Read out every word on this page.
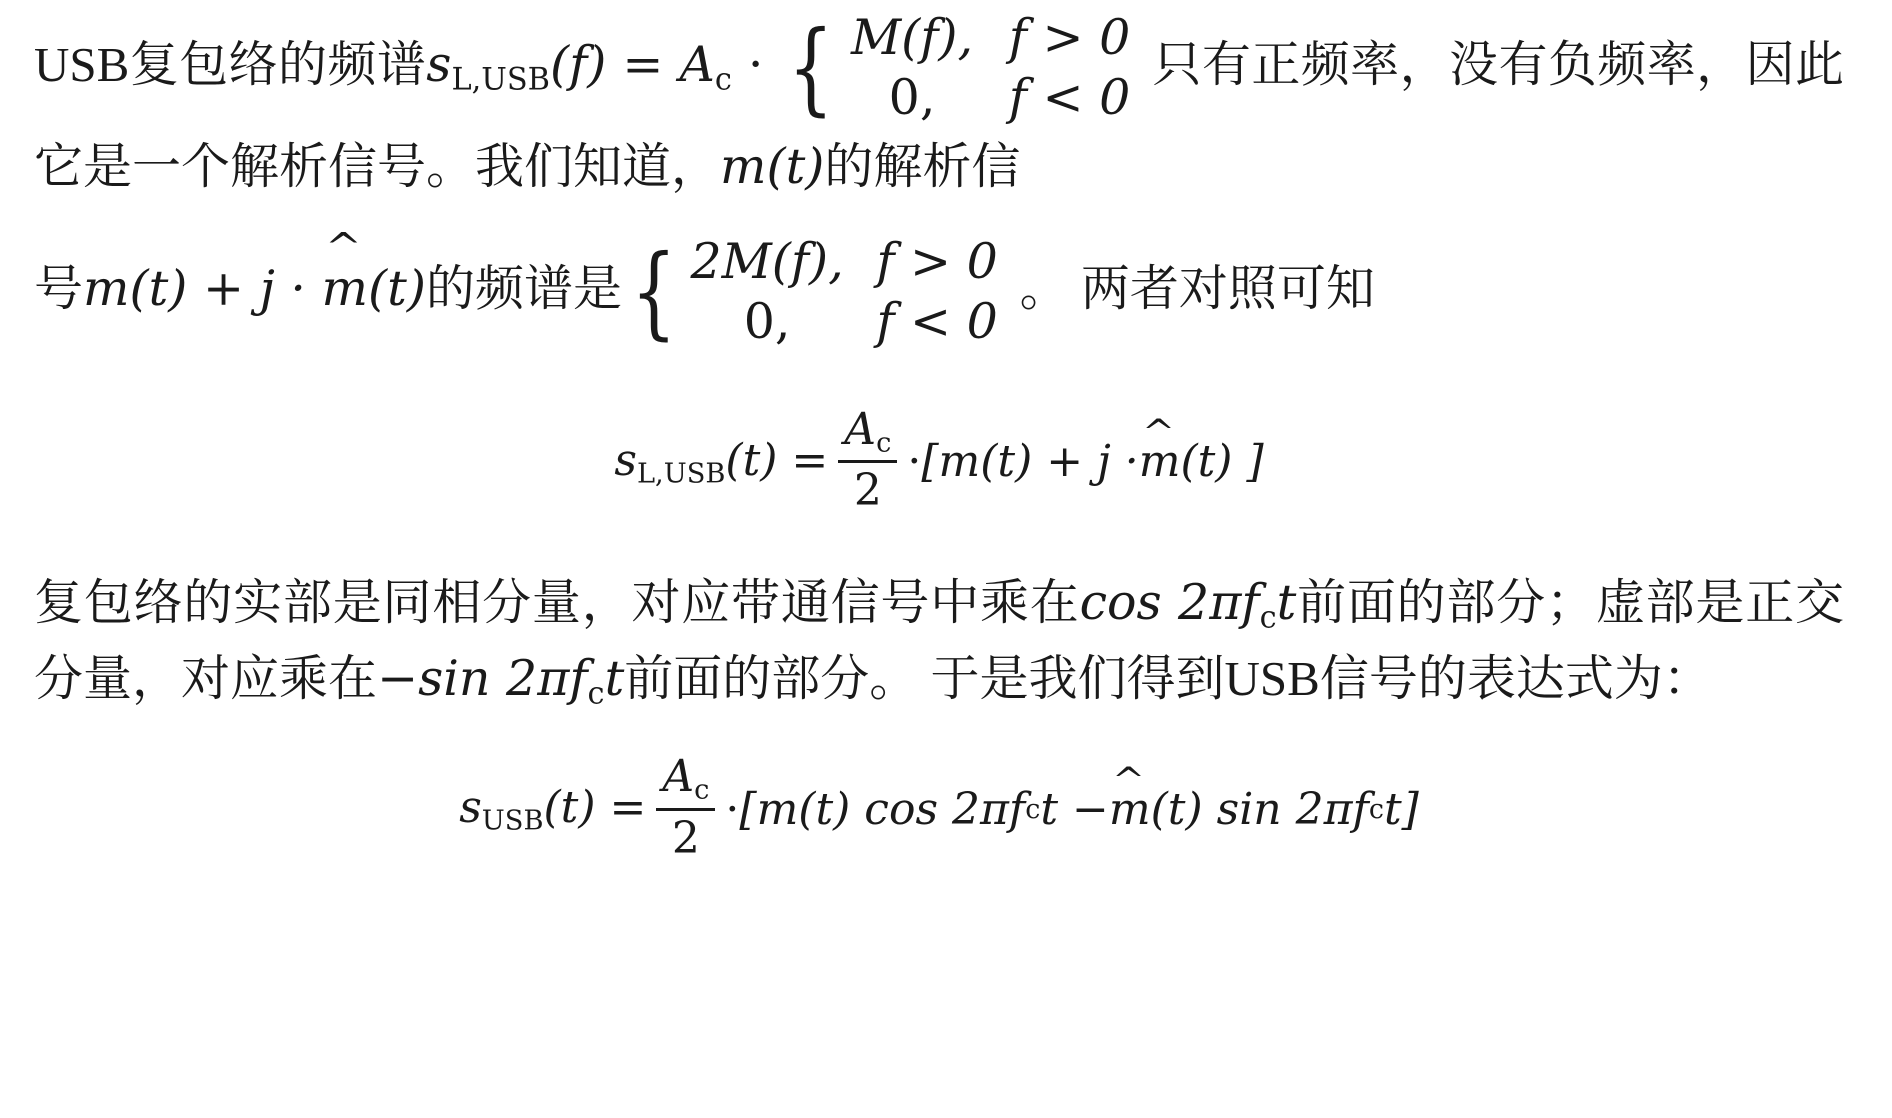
USB复包络的频谱$s_{L,USB}(f) = A_c$ · { M(f), f > 0
0,	f < 0
只有正频率，没有负频率，因此它是一个解析信号。我们知道，m(t)的解析信

号m(t) + j · ^ m(t)的频谱是 { 2M(f), f > 0
0,	f < 0
。 两者对照可知

$s_{L,USB}(t) = \frac{A_c}{2} \cdot [m(t) + j$ · ^ m (t) ]

复包络的实部是同相分量，对应带通信号中乘在$\cos 2\pi f_ct$前面的部分；虚部是正交分量，对应乘在−sin $2\pi f_ct$前面的部分。 于是我们得到USB信号的表达式为：

$s_{USB}(t) = \frac{A_c}{2} \cdot [m(t)$ cos 2πf c t − ^ m (t) sin 2πf c t]
